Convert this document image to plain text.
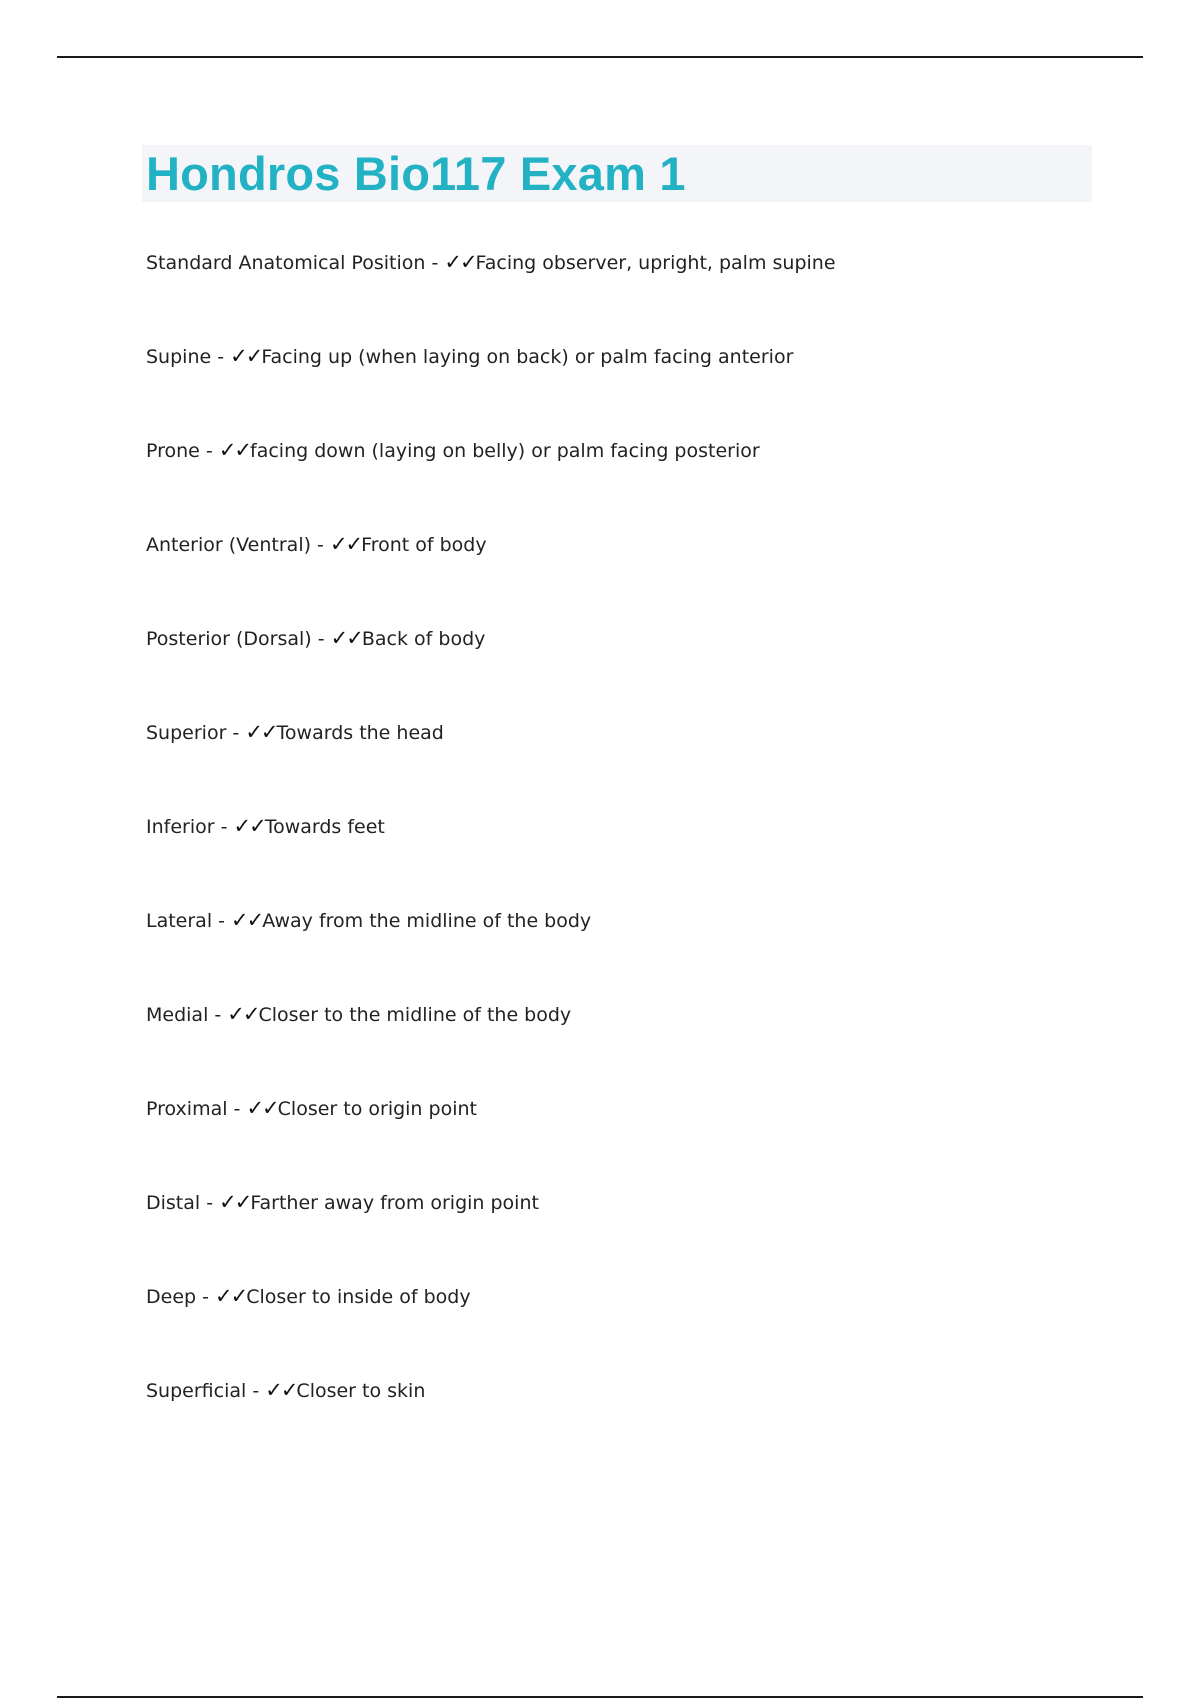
Hondros Bio117 Exam 1
Standard Anatomical Position - ✓✓Facing observer, upright, palm supine
Supine - ✓✓Facing up (when laying on back) or palm facing anterior
Prone - ✓✓facing down (laying on belly) or palm facing posterior
Anterior (Ventral) - ✓✓Front of body
Posterior (Dorsal) - ✓✓Back of body
Superior - ✓✓Towards the head
Inferior - ✓✓Towards feet
Lateral - ✓✓Away from the midline of the body
Medial - ✓✓Closer to the midline of the body
Proximal - ✓✓Closer to origin point
Distal - ✓✓Farther away from origin point
Deep - ✓✓Closer to inside of body
Superficial - ✓✓Closer to skin
